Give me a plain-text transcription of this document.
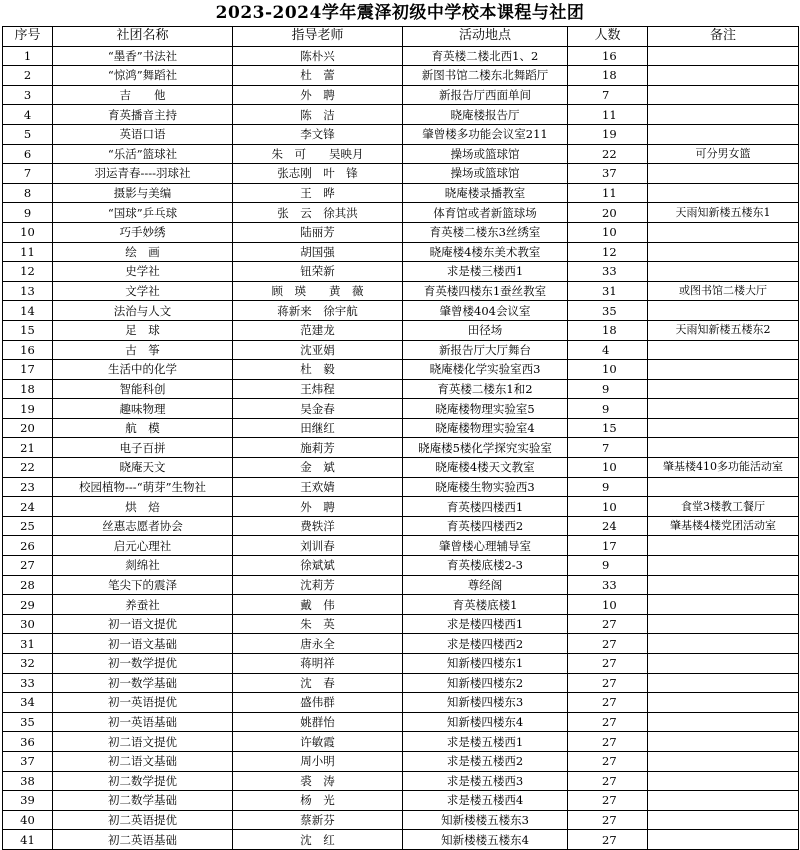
2023-2024学年震泽初级中学校本课程与社团
序号	社团名称	指导老师	活动地点	人数	备注
1	“墨香”书法社	陈朴兴	育英楼二楼北西1、2	16	
2	“惊鸿”舞蹈社	杜　蕾	新图书馆二楼东北舞蹈厅	18	
3	吉　　他	外　聘	新报告厅西面单间	7	
4	育英播音主持	陈　洁	晓庵楼报告厅	11	
5	英语口语	李文锋	肇曾楼多功能会议室211	19	
6	“乐活”篮球社	朱　可　　吴映月	操场或篮球馆	22	可分男女篮
7	羽运青春----羽球社	张志刚　叶　锋	操场或篮球馆	37	
8	摄影与美编	王　晔	晓庵楼录播教室	11	
9	“国球”乒乓球	张　云　徐其洪	体育馆或者新篮球场	20	天雨知新楼五楼东1
10	巧手妙绣	陆丽芳	育英楼二楼东3丝绣室	10	
11	绘　画	胡国强	晓庵楼4楼东美术教室	12	
12	史学社	钮荣新	求是楼三楼西1	33	
13	文学社	顾　瑛　　黄　薇	育英楼四楼东1蚕丝教室	31	或图书馆二楼大厅
14	法治与人文	蒋新来　徐宇航	肇曾楼404会议室	35	
15	足　球	范建龙	田径场	18	天雨知新楼五楼东2
16	古　筝	沈亚娟	新报告厅大厅舞台	4	
17	生活中的化学	杜　毅	晓庵楼化学实验室西3	10	
18	智能科创	王炜程	育英楼二楼东1和2	9	
19	趣味物理	吴金春	晓庵楼物理实验室5	9	
20	航　模	田继红	晓庵楼物理实验室4	15	
21	电子百拼	施莉芳	晓庵楼5楼化学探究实验室	7	
22	晓庵天文	金　斌	晓庵楼4楼天文教室	10	肇基楼410多功能活动室
23	校园植物---“萌芽”生物社	王欢婧	晓庵楼生物实验西3	9	
24	烘　焙	外　聘	育英楼四楼西1	10	食堂3楼教工餐厅
25	丝惠志愿者协会	费轶洋	育英楼四楼西2	24	肇基楼4楼党团活动室
26	启元心理社	刘训春	肇曾楼心理辅导室	17	
27	剡绵社	徐斌斌	育英楼底楼2-3	9	
28	笔尖下的震泽	沈莉芳	尊经阁	33	
29	养蚕社	戴　伟	育英楼底楼1	10	
30	初一语文提优	朱　英	求是楼四楼西1	27	
31	初一语文基础	唐永全	求是楼四楼西2	27	
32	初一数学提优	蒋明祥	知新楼四楼东1	27	
33	初一数学基础	沈　春	知新楼四楼东2	27	
34	初一英语提优	盛伟群	知新楼四楼东3	27	
35	初一英语基础	姚群怡	知新楼四楼东4	27	
36	初二语文提优	许敏霞	求是楼五楼西1	27	
37	初二语文基础	周小明	求是楼五楼西2	27	
38	初二数学提优	裘　涛	求是楼五楼西3	27	
39	初二数学基础	杨　光	求是楼五楼西4	27	
40	初二英语提优	蔡新芬	知新楼楼五楼东3	27	
41	初二英语基础	沈　红	知新楼楼五楼东4	27	
